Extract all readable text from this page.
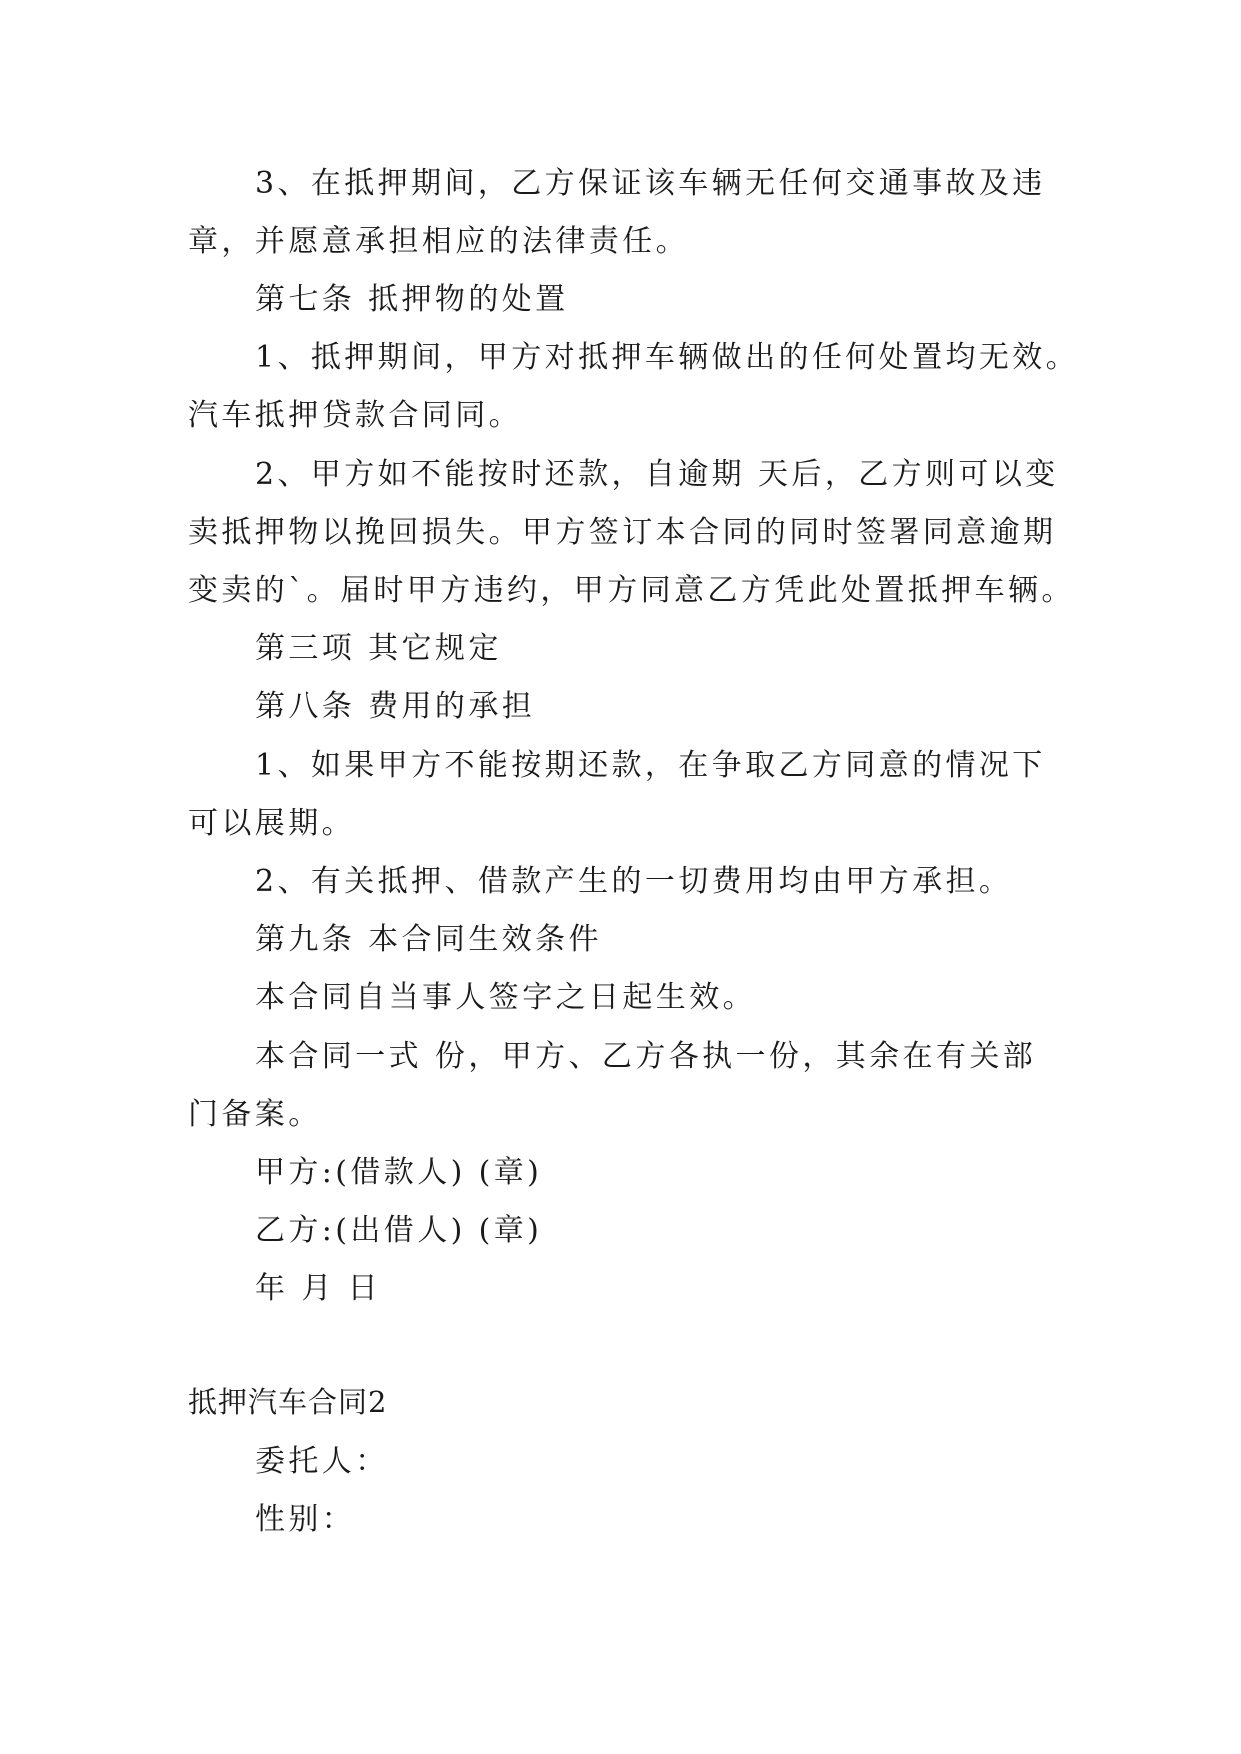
3、在抵押期间，乙方保证该车辆无任何交通事故及违
章，并愿意承担相应的法律责任。
第七条 抵押物的处置
1、抵押期间，甲方对抵押车辆做出的任何处置均无效。
汽车抵押贷款合同同。
2、甲方如不能按时还款，自逾期 天后，乙方则可以变
卖抵押物以挽回损失。甲方签订本合同的同时签署同意逾期
变卖的`。届时甲方违约，甲方同意乙方凭此处置抵押车辆。
第三项 其它规定
第八条 费用的承担
1、如果甲方不能按期还款，在争取乙方同意的情况下
可以展期。
2、有关抵押、借款产生的一切费用均由甲方承担。
第九条 本合同生效条件
本合同自当事人签字之日起生效。
本合同一式 份，甲方、乙方各执一份，其余在有关部
门备案。
甲方:(借款人) (章)
乙方:(出借人) (章)
年 月 日
抵押汽车合同2
委托人：
性别：
